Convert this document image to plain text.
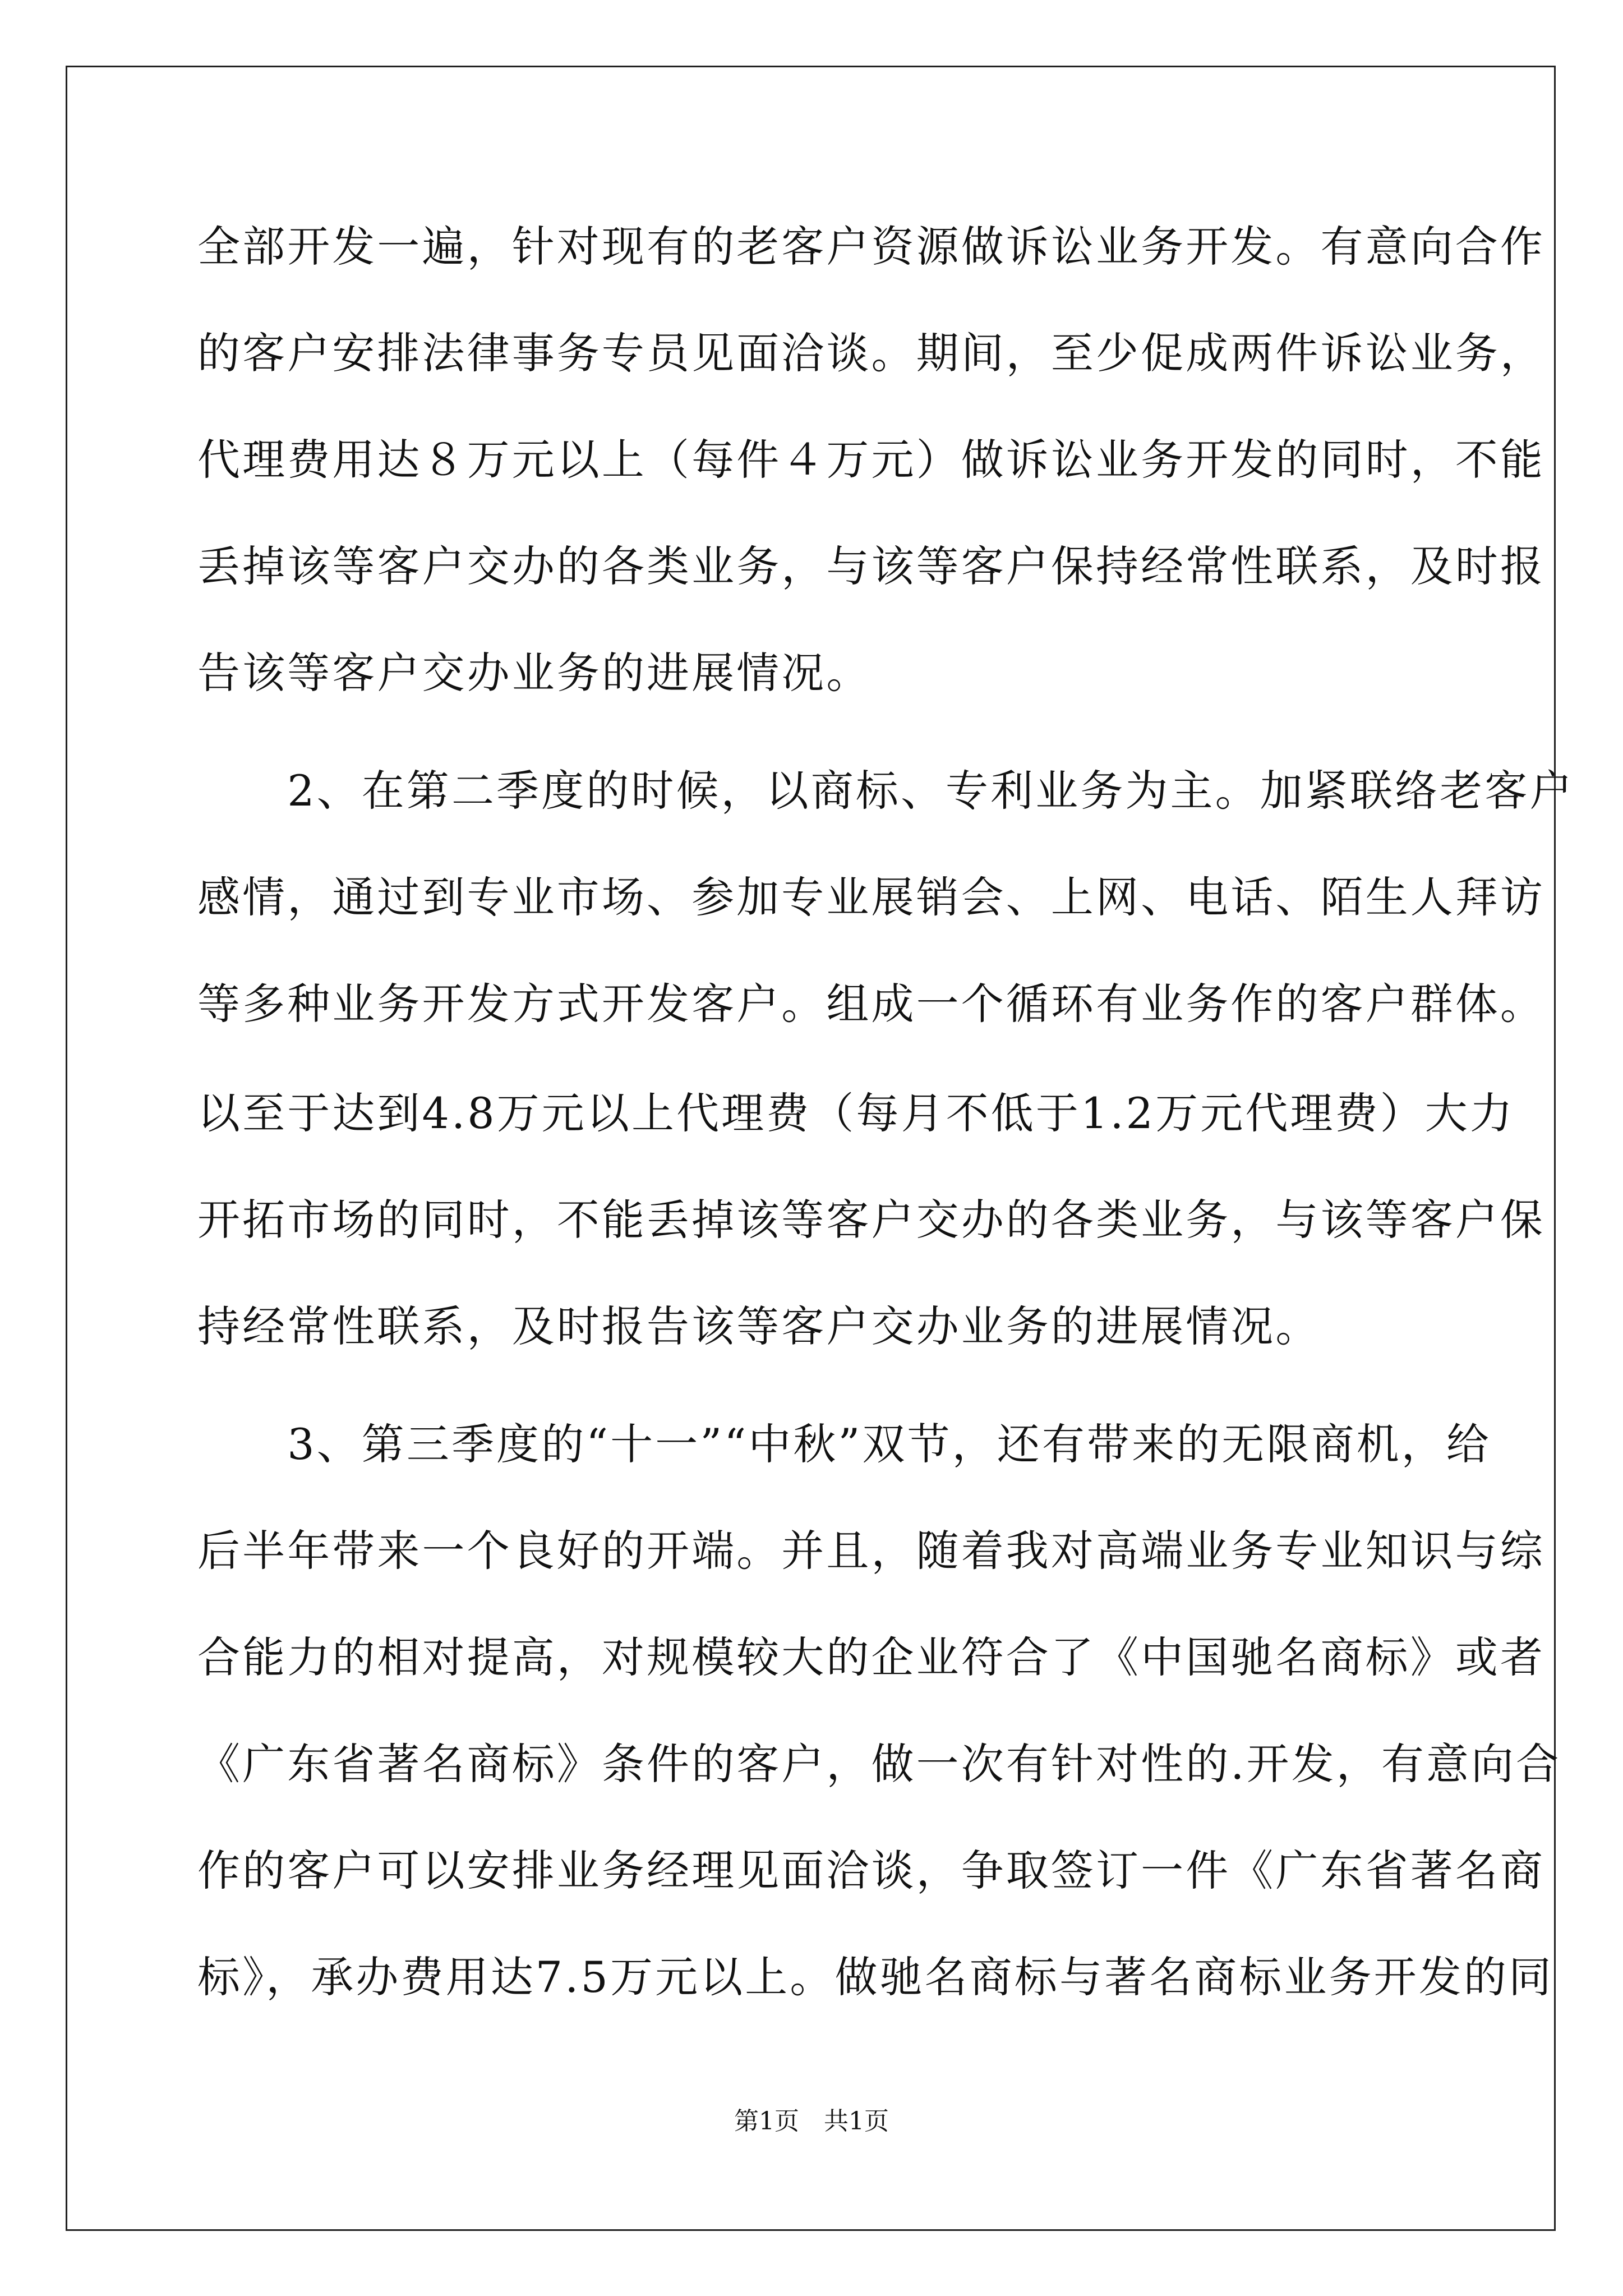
全部开发一遍，针对现有的老客户资源做诉讼业务开发。有意向合作
的客户安排法律事务专员见面洽谈。期间，至少促成两件诉讼业务，
代理费用达８万元以上（每件４万元）做诉讼业务开发的同时，不能
丢掉该等客户交办的各类业务，与该等客户保持经常性联系，及时报
告该等客户交办业务的进展情况。
　　2、在第二季度的时候，以商标、专利业务为主。加紧联络老客户
感情，通过到专业市场、参加专业展销会、上网、电话、陌生人拜访
等多种业务开发方式开发客户。组成一个循环有业务作的客户群体。
以至于达到4.8万元以上代理费（每月不低于1.2万元代理费）大力
开拓市场的同时，不能丢掉该等客户交办的各类业务，与该等客户保
持经常性联系，及时报告该等客户交办业务的进展情况。
　　3、第三季度的“十一”“中秋”双节，还有带来的无限商机，给
后半年带来一个良好的开端。并且，随着我对高端业务专业知识与综
合能力的相对提高，对规模较大的企业符合了《中国驰名商标》或者
《广东省著名商标》条件的客户，做一次有针对性的.开发，有意向合
作的客户可以安排业务经理见面洽谈，争取签订一件《广东省著名商
标》，承办费用达7.5万元以上。做驰名商标与著名商标业务开发的同
第1页　共1页
